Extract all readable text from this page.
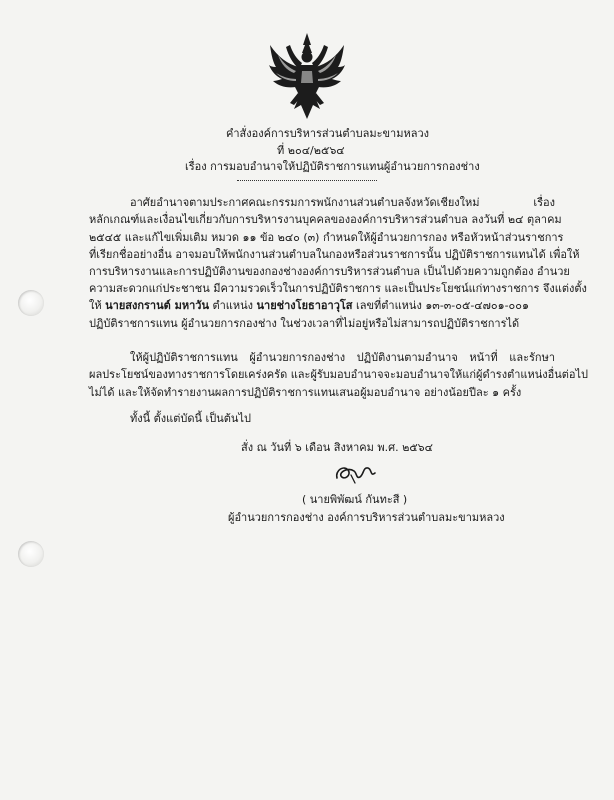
คำสั่งองค์การบริหารส่วนตำบลมะขามหลวง
ที่ ๒๐๔/๒๕๖๔
เรื่อง การมอบอำนาจให้ปฏิบัติราชการแทนผู้อำนวยการกองช่าง
อาศัยอำนาจตามประกาศคณะกรรมการพนักงานส่วนตำบลจังหวัดเชียงใหม่ เรื่อง
หลักเกณฑ์และเงื่อนไขเกี่ยวกับการบริหารงานบุคคลขององค์การบริหารส่วนตำบล ลงวันที่ ๒๔ ตุลาคม
๒๕๔๕ และแก้ไขเพิ่มเติม หมวด ๑๑ ข้อ ๒๔๐ (๓) กำหนดให้ผู้อำนวยการกอง หรือหัวหน้าส่วนราชการ
ที่เรียกชื่ออย่างอื่น อาจมอบให้พนักงานส่วนตำบลในกองหรือส่วนราชการนั้น ปฏิบัติราชการแทนได้ เพื่อให้
การบริหารงานและการปฏิบัติงานของกองช่างองค์การบริหารส่วนตำบล เป็นไปด้วยความถูกต้อง อำนวย
ความสะดวกแก่ประชาชน มีความรวดเร็วในการปฏิบัติราชการ และเป็นประโยชน์แก่ทางราชการ จึงแต่งตั้ง
ให้ นายสงกรานต์ มหาวัน ตำแหน่ง นายช่างโยธาอาวุโส เลขที่ตำแหน่ง ๑๓-๓-๐๕-๔๗๐๑-๐๐๑
ปฏิบัติราชการแทน ผู้อำนวยการกองช่าง ในช่วงเวลาที่ไม่อยู่หรือไม่สามารถปฏิบัติราชการได้
ให้ผู้ปฏิบัติราชการแทน ผู้อำนวยการกองช่าง ปฏิบัติงานตามอำนาจ หน้าที่ และรักษา
ผลประโยชน์ของทางราชการโดยเคร่งครัด และผู้รับมอบอำนาจจะมอบอำนาจให้แก่ผู้ดำรงตำแหน่งอื่นต่อไป
ไม่ได้ และให้จัดทำรายงานผลการปฏิบัติราชการแทนเสนอผู้มอบอำนาจ อย่างน้อยปีละ ๑ ครั้ง
ทั้งนี้ ตั้งแต่บัดนี้ เป็นต้นไป
สั่ง ณ วันที่ ๖ เดือน สิงหาคม พ.ศ. ๒๕๖๔
( นายพิพัฒน์ กันทะสี )
ผู้อำนวยการกองช่าง องค์การบริหารส่วนตำบลมะขามหลวง
